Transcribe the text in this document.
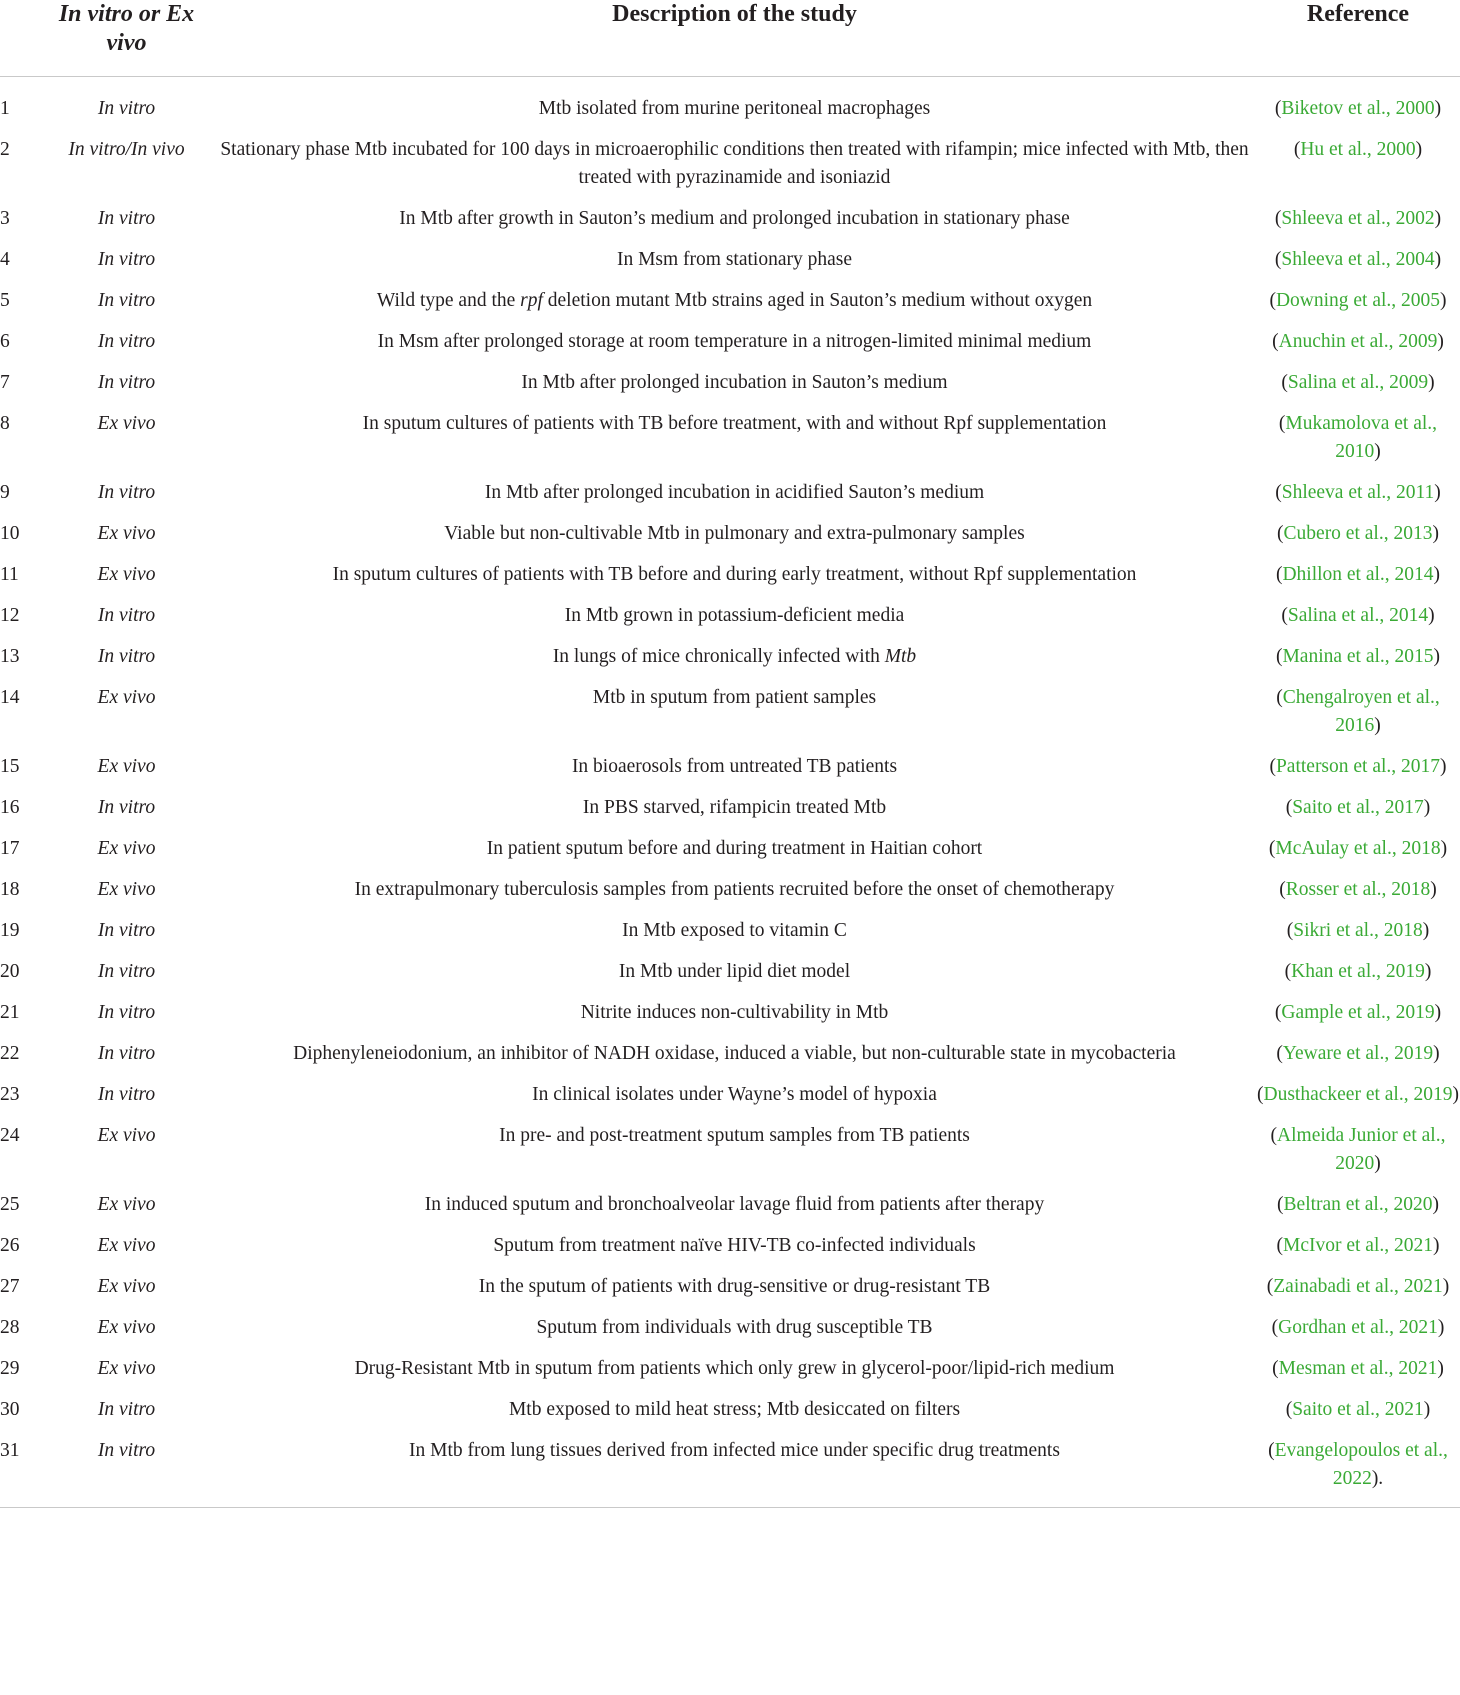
	In vitro or Ex vivo	Description of the study	Reference
1	In vitro	Mtb isolated from murine peritoneal macrophages	(Biketov et al., 2000)
2	In vitro/In vivo	Stationary phase Mtb incubated for 100 days in microaerophilic conditions then treated with rifampin; mice infected with Mtb, then treated with pyrazinamide and isoniazid	(Hu et al., 2000)
3	In vitro	In Mtb after growth in Sauton’s medium and prolonged incubation in stationary phase	(Shleeva et al., 2002)
4	In vitro	In Msm from stationary phase	(Shleeva et al., 2004)
5	In vitro	Wild type and the rpf deletion mutant Mtb strains aged in Sauton’s medium without oxygen	(Downing et al., 2005)
6	In vitro	In Msm after prolonged storage at room temperature in a nitrogen-limited minimal medium	(Anuchin et al., 2009)
7	In vitro	In Mtb after prolonged incubation in Sauton’s medium	(Salina et al., 2009)
8	Ex vivo	In sputum cultures of patients with TB before treatment, with and without Rpf supplementation	(Mukamolova et al., 2010)
9	In vitro	In Mtb after prolonged incubation in acidified Sauton’s medium	(Shleeva et al., 2011)
10	Ex vivo	Viable but non-cultivable Mtb in pulmonary and extra-pulmonary samples	(Cubero et al., 2013)
11	Ex vivo	In sputum cultures of patients with TB before and during early treatment, without Rpf supplementation	(Dhillon et al., 2014)
12	In vitro	In Mtb grown in potassium-deficient media	(Salina et al., 2014)
13	In vitro	In lungs of mice chronically infected with Mtb	(Manina et al., 2015)
14	Ex vivo	Mtb in sputum from patient samples	(Chengalroyen et al., 2016)
15	Ex vivo	In bioaerosols from untreated TB patients	(Patterson et al., 2017)
16	In vitro	In PBS starved, rifampicin treated Mtb	(Saito et al., 2017)
17	Ex vivo	In patient sputum before and during treatment in Haitian cohort	(McAulay et al., 2018)
18	Ex vivo	In extrapulmonary tuberculosis samples from patients recruited before the onset of chemotherapy	(Rosser et al., 2018)
19	In vitro	In Mtb exposed to vitamin C	(Sikri et al., 2018)
20	In vitro	In Mtb under lipid diet model	(Khan et al., 2019)
21	In vitro	Nitrite induces non-cultivability in Mtb	(Gample et al., 2019)
22	In vitro	Diphenyleneiodonium, an inhibitor of NADH oxidase, induced a viable, but non-culturable state in mycobacteria	(Yeware et al., 2019)
23	In vitro	In clinical isolates under Wayne’s model of hypoxia	(Dusthackeer et al., 2019)
24	Ex vivo	In pre- and post-treatment sputum samples from TB patients	(Almeida Junior et al., 2020)
25	Ex vivo	In induced sputum and bronchoalveolar lavage fluid from patients after therapy	(Beltran et al., 2020)
26	Ex vivo	Sputum from treatment naïve HIV-TB co-infected individuals	(McIvor et al., 2021)
27	Ex vivo	In the sputum of patients with drug-sensitive or drug-resistant TB	(Zainabadi et al., 2021)
28	Ex vivo	Sputum from individuals with drug susceptible TB	(Gordhan et al., 2021)
29	Ex vivo	Drug-Resistant Mtb in sputum from patients which only grew in glycerol-poor/lipid-rich medium	(Mesman et al., 2021)
30	In vitro	Mtb exposed to mild heat stress; Mtb desiccated on filters	(Saito et al., 2021)
31	In vitro	In Mtb from lung tissues derived from infected mice under specific drug treatments	(Evangelopoulos et al., 2022).
